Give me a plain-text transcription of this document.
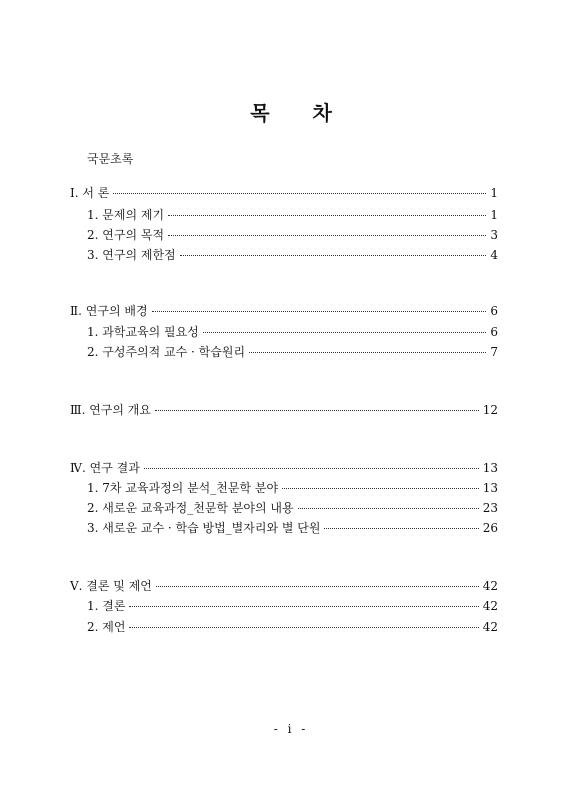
목 차
국문초록
Ⅰ. 서 론	1
1. 문제의 제기	1
2. 연구의 목적	3
3. 연구의 제한점	4
Ⅱ. 연구의 배경	6
1. 과학교육의 필요성	6
2. 구성주의적 교수 · 학습원리	7
Ⅲ. 연구의 개요	12
Ⅳ. 연구 결과	13
1. 7차 교육과정의 분석_천문학 분야	13
2. 새로운 교육과정_천문학 분야의 내용	23
3. 새로운 교수 · 학습 방법_별자리와 별 단원	26
Ⅴ. 결론 및 제언	42
1. 결론	42
2. 제언	42
- i -
